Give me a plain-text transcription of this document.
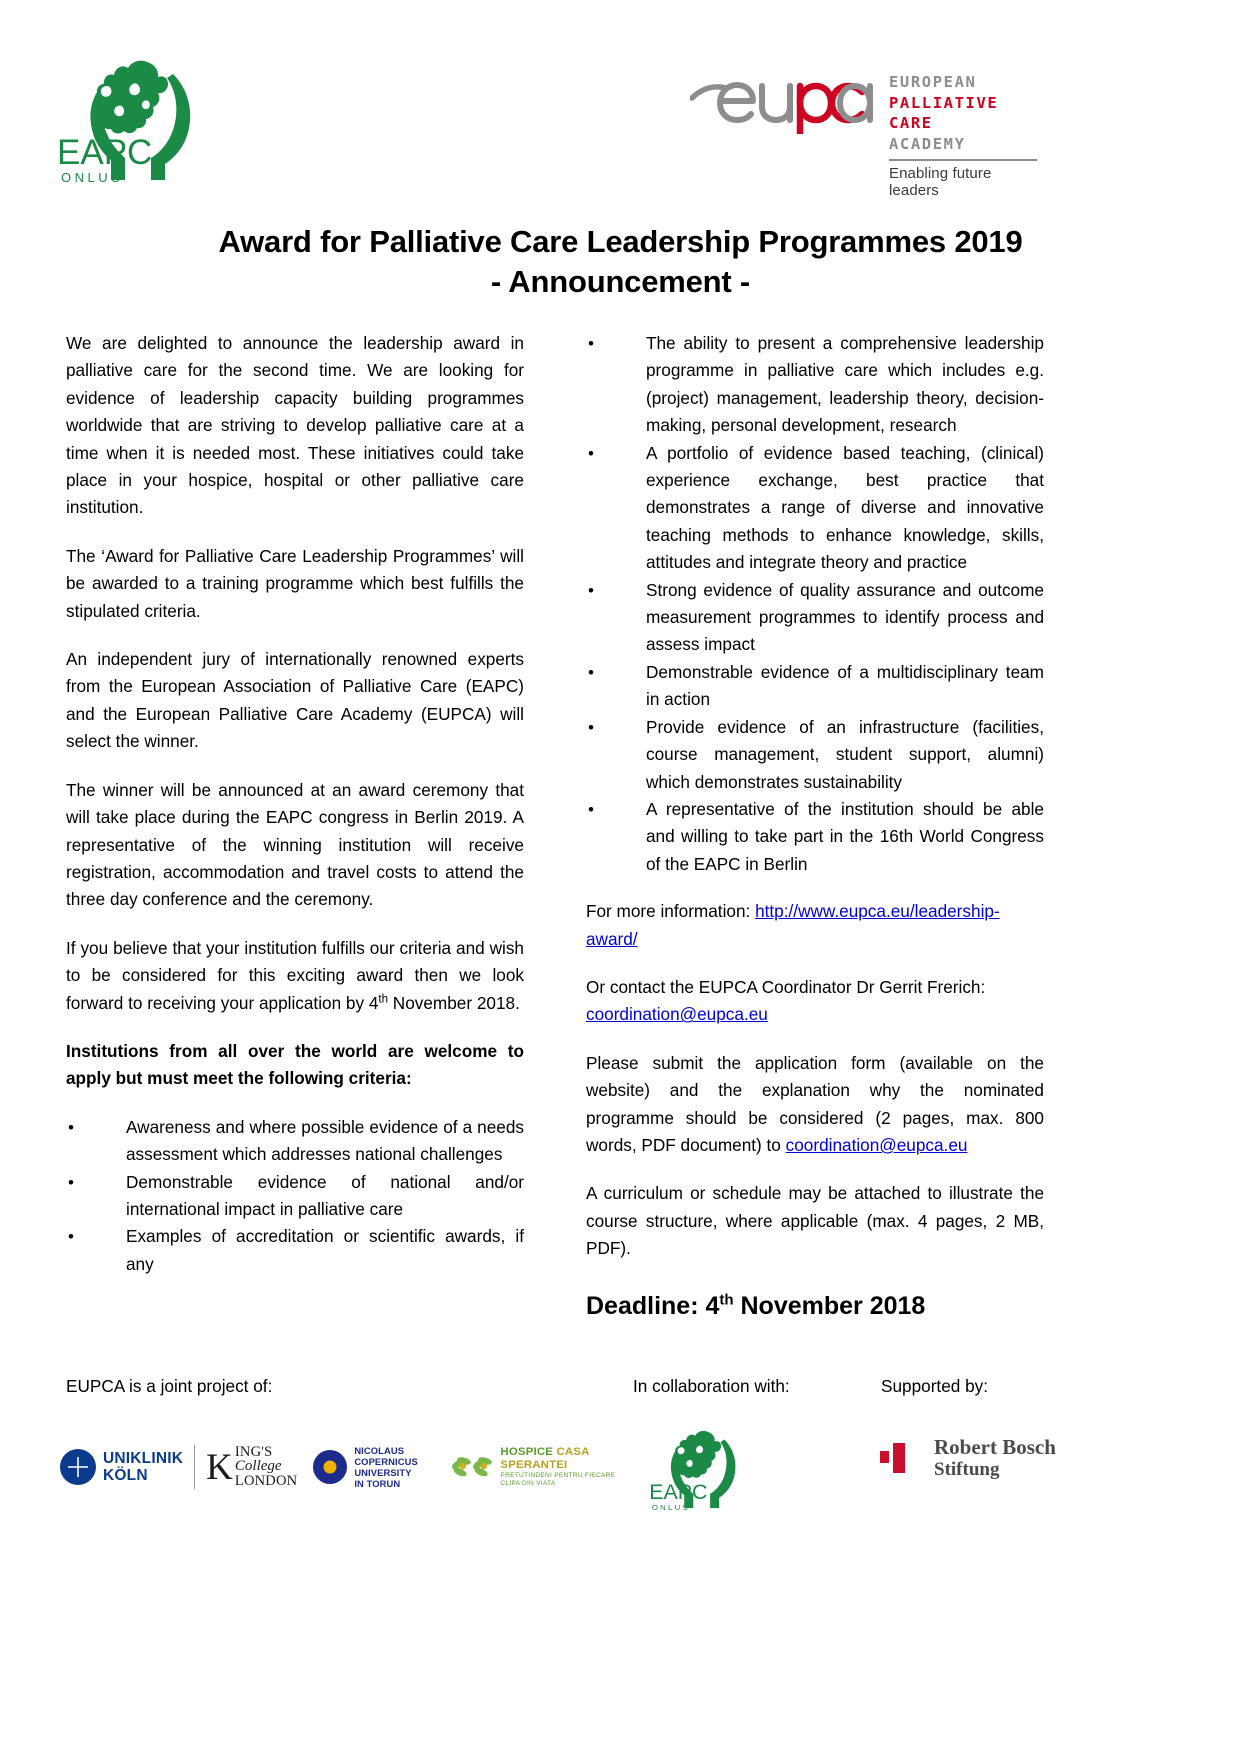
EAPC
ONLUS
EUROPEAN
PALLIATIVE CARE
ACADEMY
Enabling future leaders
Award for Palliative Care Leadership Programmes 2019
- Announcement -

We are delighted to announce the leadership award in palliative care for the second time. We are looking for evidence of leadership capacity building programmes worldwide that are striving to develop palliative care at a time when it is needed most. These initiatives could take place in your hospice, hospital or other palliative care institution.

The ‘Award for Palliative Care Leadership Programmes’ will be awarded to a training programme which best fulfills the stipulated criteria.

An independent jury of internationally renowned experts from the European Association of Palliative Care (EAPC) and the European Palliative Care Academy (EUPCA) will select the winner.

The winner will be announced at an award ceremony that will take place during the EAPC congress in Berlin 2019. A representative of the winning institution will receive registration, accommodation and travel costs to attend the three day conference and the ceremony.

If you believe that your institution fulfills our criteria and wish to be considered for this exciting award then we look forward to receiving your application by 4th November 2018.

Institutions from all over the world are welcome to apply but must meet the following criteria:

• Awareness and where possible evidence of a needs assessment which addresses national challenges
• Demonstrable evidence of national and/or international impact in palliative care
• Examples of accreditation or scientific awards, if any
• The ability to present a comprehensive leadership programme in palliative care which includes e.g. (project) management, leadership theory, decision-making, personal development, research
• A portfolio of evidence based teaching, (clinical) experience exchange, best practice that demonstrates a range of diverse and innovative teaching methods to enhance knowledge, skills, attitudes and integrate theory and practice
• Strong evidence of quality assurance and outcome measurement programmes to identify process and assess impact
• Demonstrable evidence of a multidisciplinary team in action
• Provide evidence of an infrastructure (facilities, course management, student support, alumni) which demonstrates sustainability
• A representative of the institution should be able and willing to take part in the 16th World Congress of the EAPC in Berlin

For more information: http://www.eupca.eu/leadership-award/

Or contact the EUPCA Coordinator Dr Gerrit Frerich:
coordination@eupca.eu

Please submit the application form (available on the website) and the explanation why the nominated programme should be considered (2 pages, max. 800 words, PDF document) to coordination@eupca.eu

A curriculum or schedule may be attached to illustrate the course structure, where applicable (max. 4 pages, 2 MB, PDF).

Deadline: 4th November 2018

EUPCA is a joint project of:	In collaboration with:	Supported by:
UNIKLINIK
KÖLN	K ING'S
College
LONDON
NICOLAUS COPERNICUS
UNIVERSITY
IN TORUN
HOSPICE CASA SPERANTEI
PRETUTINDENI PENTRU FIECARE CLIPA DIN VIATA	EAPC
ONLUS
Robert Bosch
Stiftung
